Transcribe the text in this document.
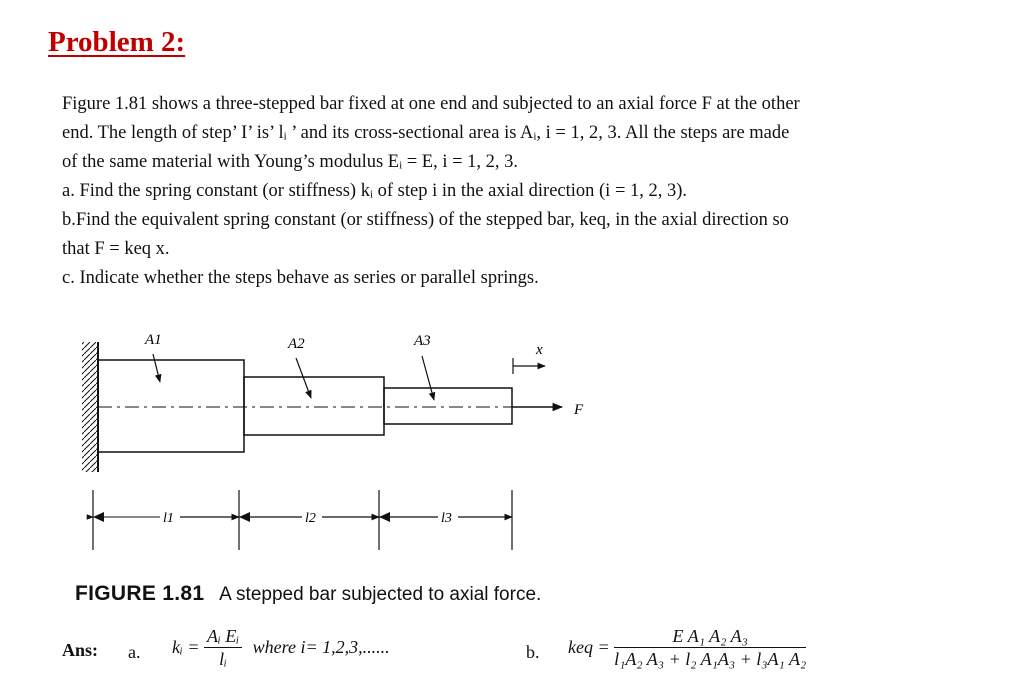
Problem 2:
Figure 1.81 shows a three-stepped bar fixed at one end and subjected to an axial force F at the other
end. The length of step’ I’ is’ lᵢ ’ and its cross-sectional area is Aᵢ, i = 1, 2, 3. All the steps are made
of the same material with Young’s modulus Eᵢ = E, i = 1, 2, 3.
a. Find the spring constant (or stiffness) kᵢ of step i in the axial direction (i = 1, 2, 3).
b.Find the equivalent spring constant (or stiffness) of the stepped bar, keq, in the axial direction so
that F = keq x.
c. Indicate whether the steps behave as series or parallel springs.
F
x
A1	A2	A3
l1	l2	l3
FIGURE 1.81 A stepped bar subjected to axial force.
Ans: a. kᵢ = $\frac{\text{Aᵢ Eᵢ}}{\text{lᵢ}}$ where i= 1,2,3,......	b. keq = $\frac{\text{E A₁ A₂ A₃}}{\text{l₁A₂ A₃ + l₂ A₁A₃ + l₃A₁ A₂}}$
